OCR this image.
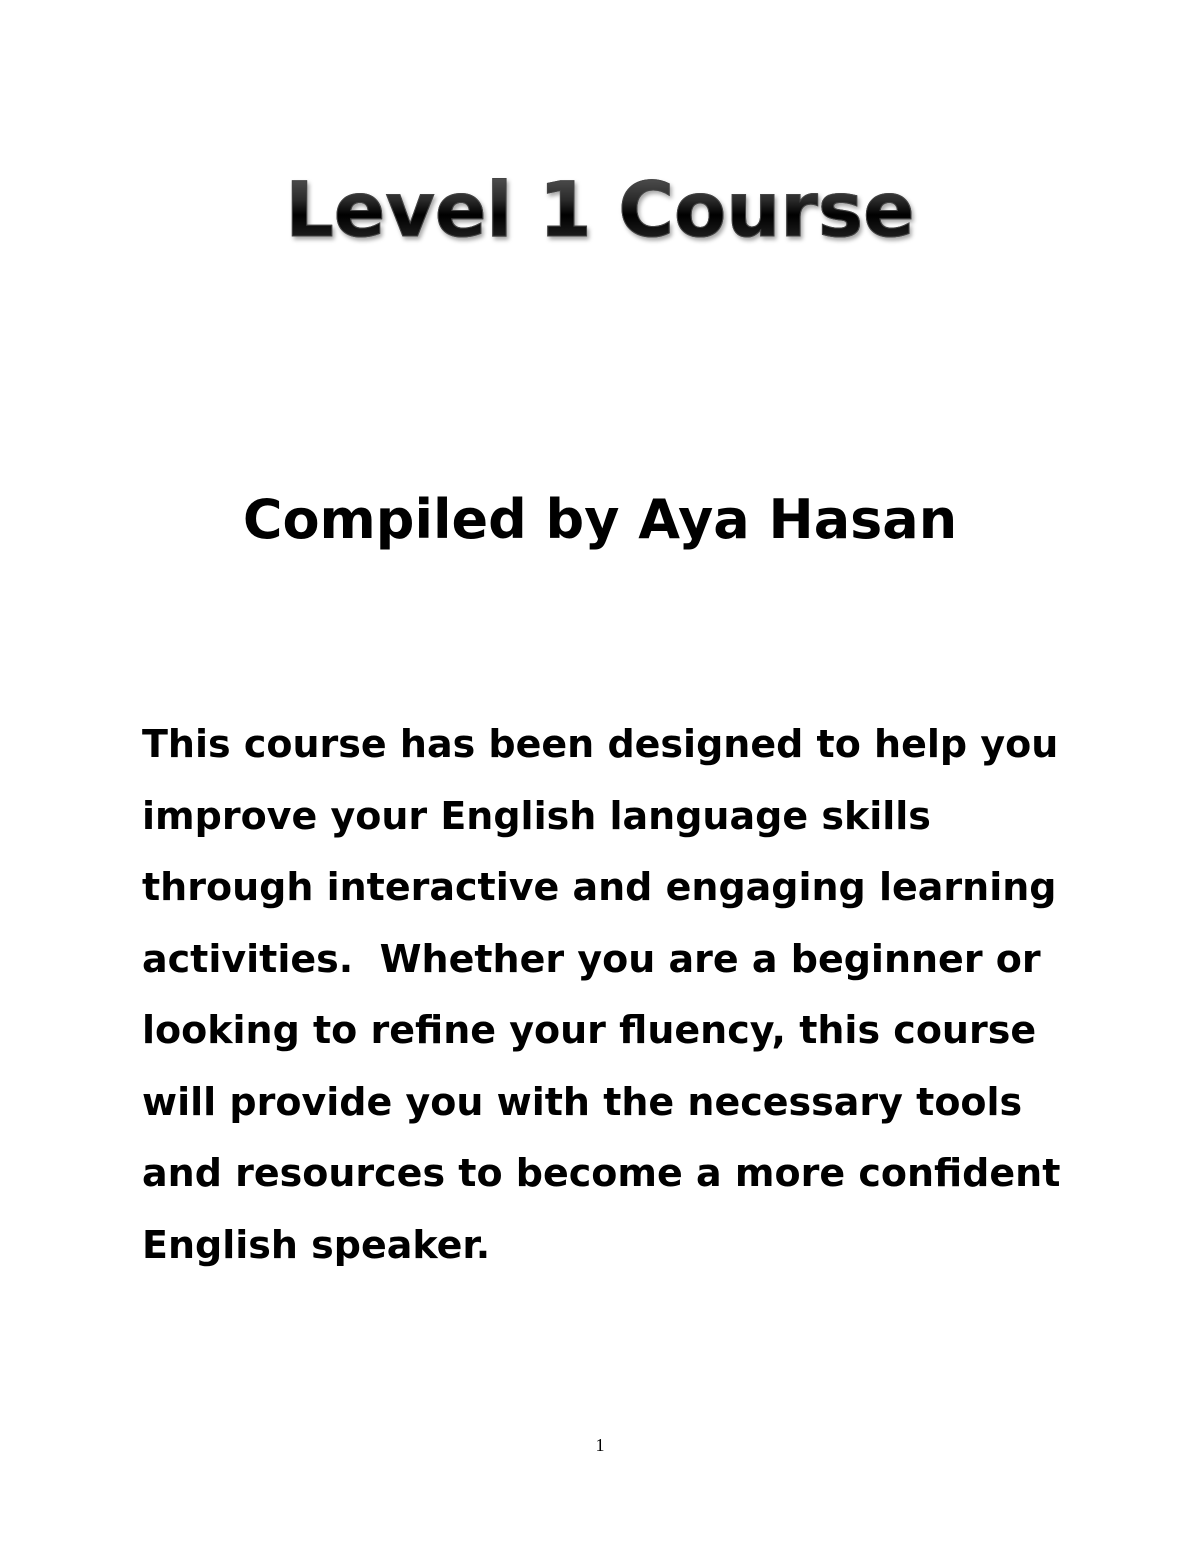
Level 1 Course
Compiled by Aya Hasan

This course has been designed to help you
improve your English language skills
through interactive and engaging learning
activities.  Whether you are a beginner or
looking to refine your fluency, this course
will provide you with the necessary tools
and resources to become a more confident
English speaker.

1
